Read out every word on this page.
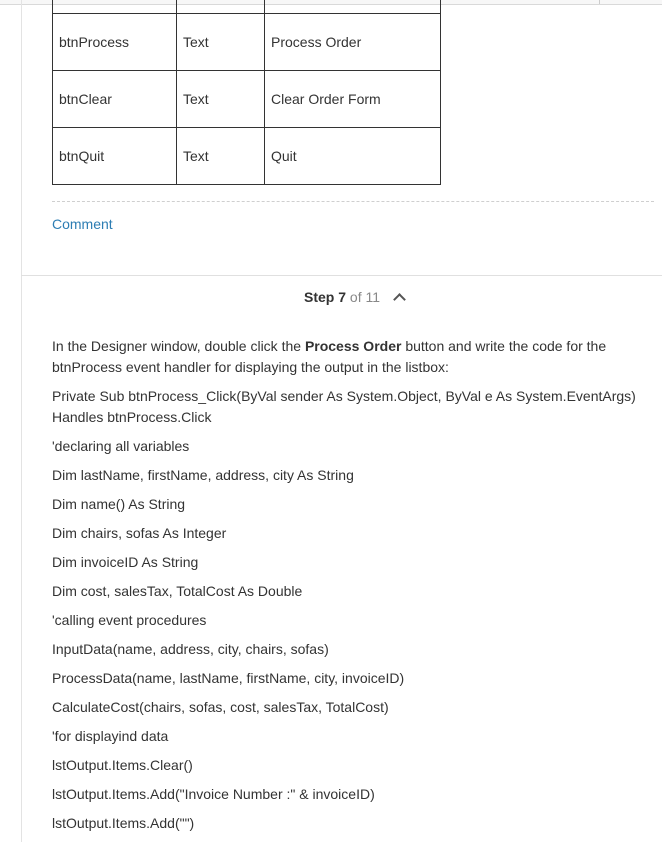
btnProcess	Text	Process Order
btnClear	Text	Clear Order Form
btnQuit	Text	Quit
Comment
Step 7 of 11

In the Designer window, double click the Process Order button and write the code for the btnProcess event handler for displaying the output in the listbox:

Private Sub btnProcess_Click(ByVal sender As System.Object, ByVal e As System.EventArgs) Handles btnProcess.Click

'declaring all variables
Dim lastName, firstName, address, city As String
Dim name() As String
Dim chairs, sofas As Integer
Dim invoiceID As String
Dim cost, salesTax, TotalCost As Double
'calling event procedures
InputData(name, address, city, chairs, sofas)
ProcessData(name, lastName, firstName, city, invoiceID)
CalculateCost(chairs, sofas, cost, salesTax, TotalCost)
'for displayind data
lstOutput.Items.Clear()
lstOutput.Items.Add("Invoice Number :" & invoiceID)
lstOutput.Items.Add("")
